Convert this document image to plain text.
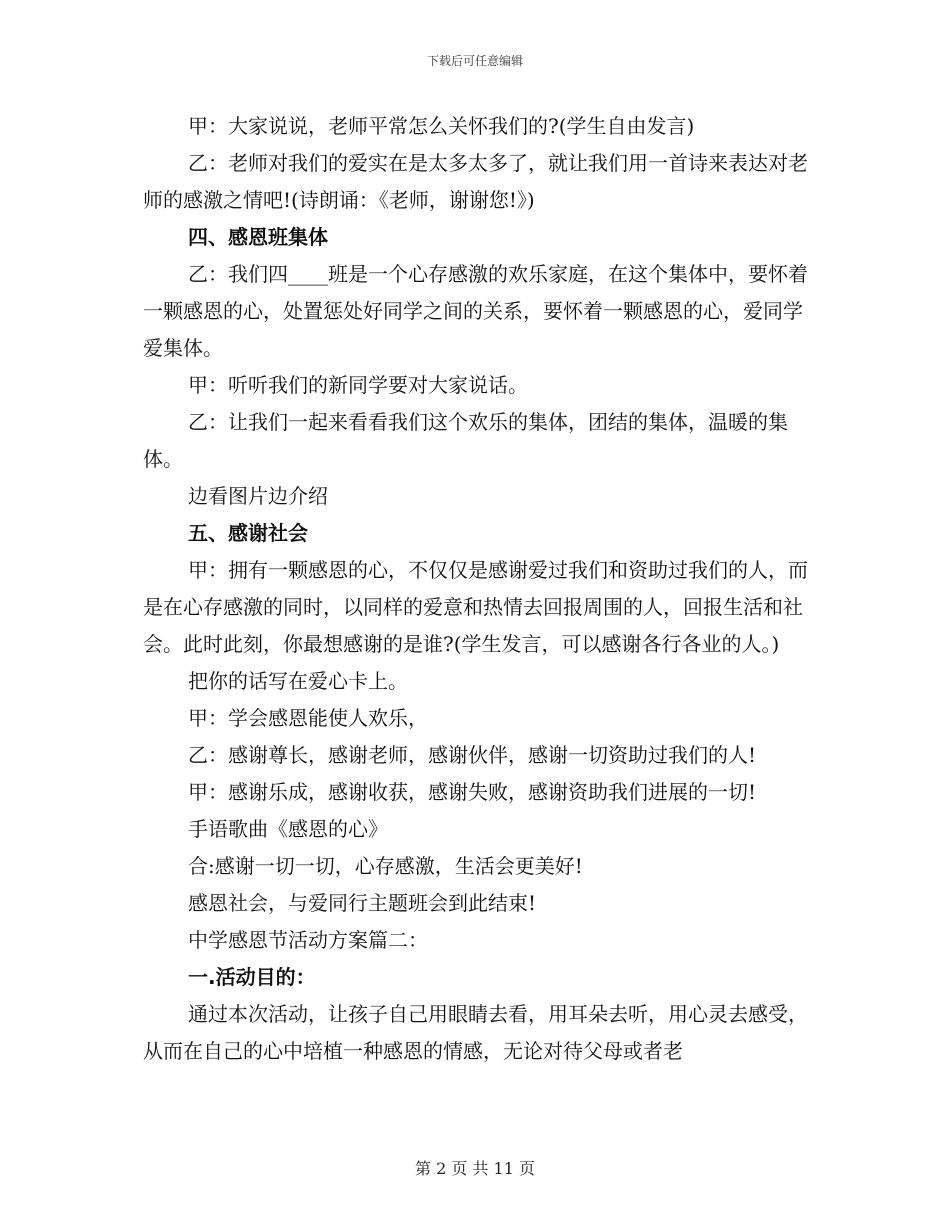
下载后可任意编辑

甲：大家说说，老师平常怎么关怀我们的?(学生自由发言)

乙：老师对我们的爱实在是太多太多了，就让我们用一首诗来表达对老师的感激之情吧!(诗朗诵：《老师，谢谢您!》)

四、感恩班集体

乙：我们四____班是一个心存感激的欢乐家庭，在这个集体中，要怀着一颗感恩的心，处置惩处好同学之间的关系，要怀着一颗感恩的心，爱同学爱集体。

甲：听听我们的新同学要对大家说话。

乙：让我们一起来看看我们这个欢乐的集体，团结的集体，温暖的集体。

边看图片边介绍

五、感谢社会

甲：拥有一颗感恩的心，不仅仅是感谢爱过我们和资助过我们的人，而是在心存感激的同时，以同样的爱意和热情去回报周围的人，回报生活和社会。此时此刻，你最想感谢的是谁?(学生发言，可以感谢各行各业的人。)

把你的话写在爱心卡上。

甲：学会感恩能使人欢乐，

乙：感谢尊长，感谢老师，感谢伙伴，感谢一切资助过我们的人!

甲：感谢乐成，感谢收获，感谢失败，感谢资助我们进展的一切!

手语歌曲《感恩的心》

合:感谢一切一切，心存感激，生活会更美好!

感恩社会，与爱同行主题班会到此结束!

中学感恩节活动方案篇二：

一.活动目的：

通过本次活动，让孩子自己用眼睛去看，用耳朵去听，用心灵去感受，从而在自己的心中培植一种感恩的情感，无论对待父母或者老

第 2 页 共 11 页
